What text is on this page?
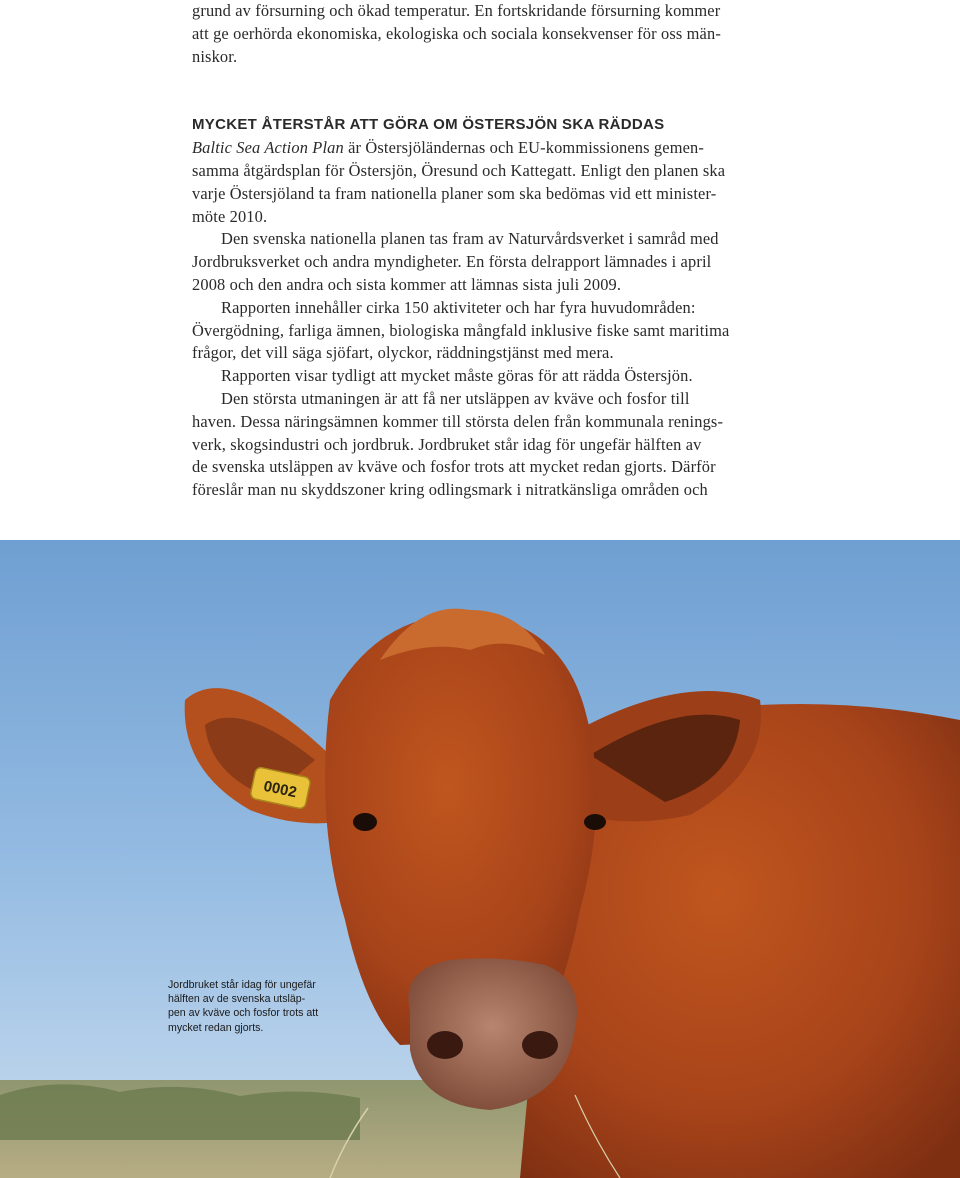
grund av försurning och ökad temperatur. En fortskridande försurning kommer
att ge oerhörda ekonomiska, ekologiska och sociala konsekvenser för oss män-
niskor.

MYCKET ÅTERSTÅR ATT GÖRA OM ÖSTERSJÖN SKA RÄDDAS

Baltic Sea Action Plan är Östersjöländernas och EU-kommissionens gemen-
samma åtgärdsplan för Östersjön, Öresund och Kattegatt. Enligt den planen ska
varje Östersjöland ta fram nationella planer som ska bedömas vid ett minister-
möte 2010.

Den svenska nationella planen tas fram av Naturvårdsverket i samråd med
Jordbruksverket och andra myndigheter. En första delrapport lämnades i april
2008 och den andra och sista kommer att lämnas sista juli 2009.

Rapporten innehåller cirka 150 aktiviteter och har fyra huvudområden:
Övergödning, farliga ämnen, biologiska mångfald inklusive fiske samt maritima
frågor, det vill säga sjöfart, olyckor, räddningstjänst med mera.

Rapporten visar tydligt att mycket måste göras för att rädda Östersjön.

Den största utmaningen är att få ner utsläppen av kväve och fosfor till
haven. Dessa näringsämnen kommer till största delen från kommunala renings-
verk, skogsindustri och jordbruk. Jordbruket står idag för ungefär hälften av
de svenska utsläppen av kväve och fosfor trots att mycket redan gjorts. Därför
föreslår man nu skyddszoner kring odlingsmark i nitratkänsliga områden och

0002

Jordbruket står idag för ungefär
hälften av de svenska utsläp-
pen av kväve och fosfor trots att
mycket redan gjorts.
